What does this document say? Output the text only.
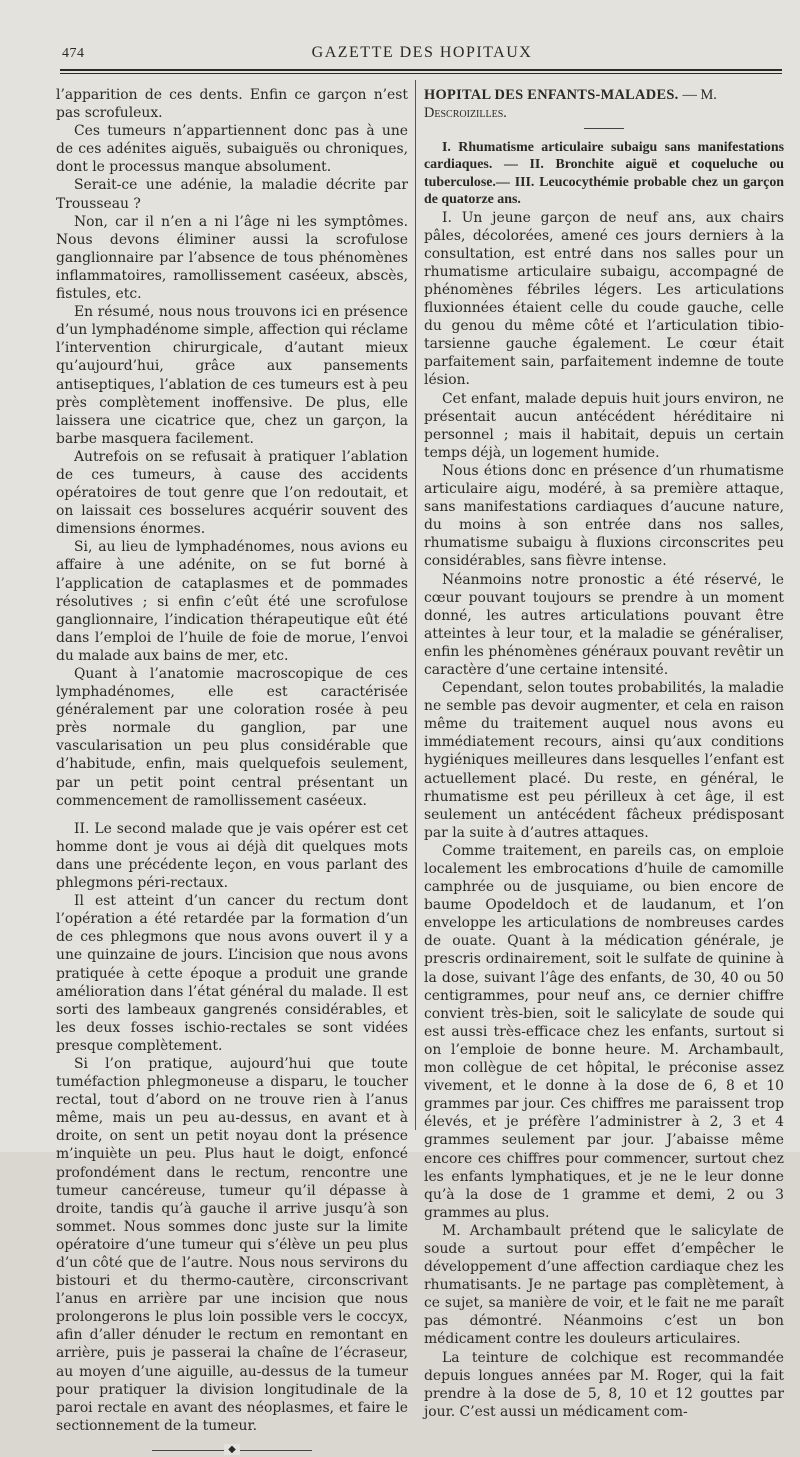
474	GAZETTE DES HOPITAUX

l’apparition de ces dents. Enfin ce garçon n’est pas scrofuleux.

Ces tumeurs n’appartiennent donc pas à une de ces adénites aiguës, subaiguës ou chroniques, dont le processus manque absolument.

Serait-ce une adénie, la maladie décrite par Trousseau ?

Non, car il n’en a ni l’âge ni les symptômes. Nous devons éliminer aussi la scrofulose ganglionnaire par l’absence de tous phénomènes inflammatoires, ramollissement caséeux, abscès, fistules, etc.

En résumé, nous nous trouvons ici en présence d’un lymphadénome simple, affection qui réclame l’intervention chirurgicale, d’autant mieux qu’aujourd’hui, grâce aux pansements antiseptiques, l’ablation de ces tumeurs est à peu près complètement inoffensive. De plus, elle laissera une cicatrice que, chez un garçon, la barbe masquera facilement.

Autrefois on se refusait à pratiquer l’ablation de ces tumeurs, à cause des accidents opératoires de tout genre que l’on redoutait, et on laissait ces bosselures acquérir souvent des dimensions énormes.

Si, au lieu de lymphadénomes, nous avions eu affaire à une adénite, on se fut borné à l’application de cataplasmes et de pommades résolutives ; si enfin c’eût été une scrofulose ganglionnaire, l’indication thérapeutique eût été dans l’emploi de l’huile de foie de morue, l’envoi du malade aux bains de mer, etc.

Quant à l’anatomie macroscopique de ces lymphadénomes, elle est caractérisée généralement par une coloration rosée à peu près normale du ganglion, par une vascularisation un peu plus considérable que d’habitude, enfin, mais quelquefois seulement, par un petit point central présentant un commencement de ramollissement caséeux.

II. Le second malade que je vais opérer est cet homme dont je vous ai déjà dit quelques mots dans une précédente leçon, en vous parlant des phlegmons péri-rectaux.

Il est atteint d’un cancer du rectum dont l’opération a été retardée par la formation d’un de ces phlegmons que nous avons ouvert il y a une quinzaine de jours. L’incision que nous avons pratiquée à cette époque a produit une grande amélioration dans l’état général du malade. Il est sorti des lambeaux gangrenés considérables, et les deux fosses ischio-rectales se sont vidées presque complètement.

Si l’on pratique, aujourd’hui que toute tuméfaction phlegmoneuse a disparu, le toucher rectal, tout d’abord on ne trouve rien à l’anus même, mais un peu au-dessus, en avant et à droite, on sent un petit noyau dont la présence m’inquiète un peu. Plus haut le doigt, enfoncé profondément dans le rectum, rencontre une tumeur cancéreuse, tumeur qu’il dépasse à droite, tandis qu’à gauche il arrive jusqu’à son sommet. Nous sommes donc juste sur la limite opératoire d’une tumeur qui s’élève un peu plus d’un côté que de l’autre. Nous nous servirons du bistouri et du thermo-cautère, circonscrivant l’anus en arrière par une incision que nous prolongerons le plus loin possible vers le coccyx, afin d’aller dénuder le rectum en remontant en arrière, puis je passerai la chaîne de l’écraseur, au moyen d’une aiguille, au-dessus de la tumeur pour pratiquer la division longitudinale de la paroi rectale en avant des néoplasmes, et faire le sectionnement de la tumeur.

◆
HOPITAL DES ENFANTS-MALADES. — M. Descroizilles.

I. Rhumatisme articulaire subaigu sans manifestations cardiaques. — II. Bronchite aiguë et coqueluche ou tuberculose.— III. Leucocythémie probable chez un garçon de quatorze ans.

I. Un jeune garçon de neuf ans, aux chairs pâles, décolorées, amené ces jours derniers à la consultation, est entré dans nos salles pour un rhumatisme articulaire subaigu, accompagné de phénomènes fébriles légers. Les articulations fluxionnées étaient celle du coude gauche, celle du genou du même côté et l’articulation tibio-tarsienne gauche également. Le cœur était parfaitement sain, parfaitement indemne de toute lésion.

Cet enfant, malade depuis huit jours environ, ne présentait aucun antécédent héréditaire ni personnel ; mais il habitait, depuis un certain temps déjà, un logement humide.

Nous étions donc en présence d’un rhumatisme articulaire aigu, modéré, à sa première attaque, sans manifestations cardiaques d’aucune nature, du moins à son entrée dans nos salles, rhumatisme subaigu à fluxions circonscrites peu considérables, sans fièvre intense.

Néanmoins notre pronostic a été réservé, le cœur pouvant toujours se prendre à un moment donné, les autres articulations pouvant être atteintes à leur tour, et la maladie se généraliser, enfin les phénomènes généraux pouvant revêtir un caractère d’une certaine intensité.

Cependant, selon toutes probabilités, la maladie ne semble pas devoir augmenter, et cela en raison même du traitement auquel nous avons eu immédiatement recours, ainsi qu’aux conditions hygiéniques meilleures dans lesquelles l’enfant est actuellement placé. Du reste, en général, le rhumatisme est peu périlleux à cet âge, il est seulement un antécédent fâcheux prédisposant par la suite à d’autres attaques.

Comme traitement, en pareils cas, on emploie localement les embrocations d’huile de camomille camphrée ou de jusquiame, ou bien encore de baume Opodeldoch et de laudanum, et l’on enveloppe les articulations de nombreuses cardes de ouate. Quant à la médication générale, je prescris ordinairement, soit le sulfate de quinine à la dose, suivant l’âge des enfants, de 30, 40 ou 50 centigrammes, pour neuf ans, ce dernier chiffre convient très-bien, soit le salicylate de soude qui est aussi très-efficace chez les enfants, surtout si on l’emploie de bonne heure. M. Archambault, mon collègue de cet hôpital, le préconise assez vivement, et le donne à la dose de 6, 8 et 10 grammes par jour. Ces chiffres me paraissent trop élevés, et je préfère l’administrer à 2, 3 et 4 grammes seulement par jour. J’abaisse même encore ces chiffres pour commencer, surtout chez les enfants lymphatiques, et je ne le leur donne qu’à la dose de 1 gramme et demi, 2 ou 3 grammes au plus.

M. Archambault prétend que le salicylate de soude a surtout pour effet d’empêcher le développement d’une affection cardiaque chez les rhumatisants. Je ne partage pas complètement, à ce sujet, sa manière de voir, et le fait ne me paraît pas démontré. Néanmoins c’est un bon médicament contre les douleurs articulaires.

La teinture de colchique est recommandée depuis longues années par M. Roger, qui la fait prendre à la dose de 5, 8, 10 et 12 gouttes par jour. C’est aussi un médicament com-
